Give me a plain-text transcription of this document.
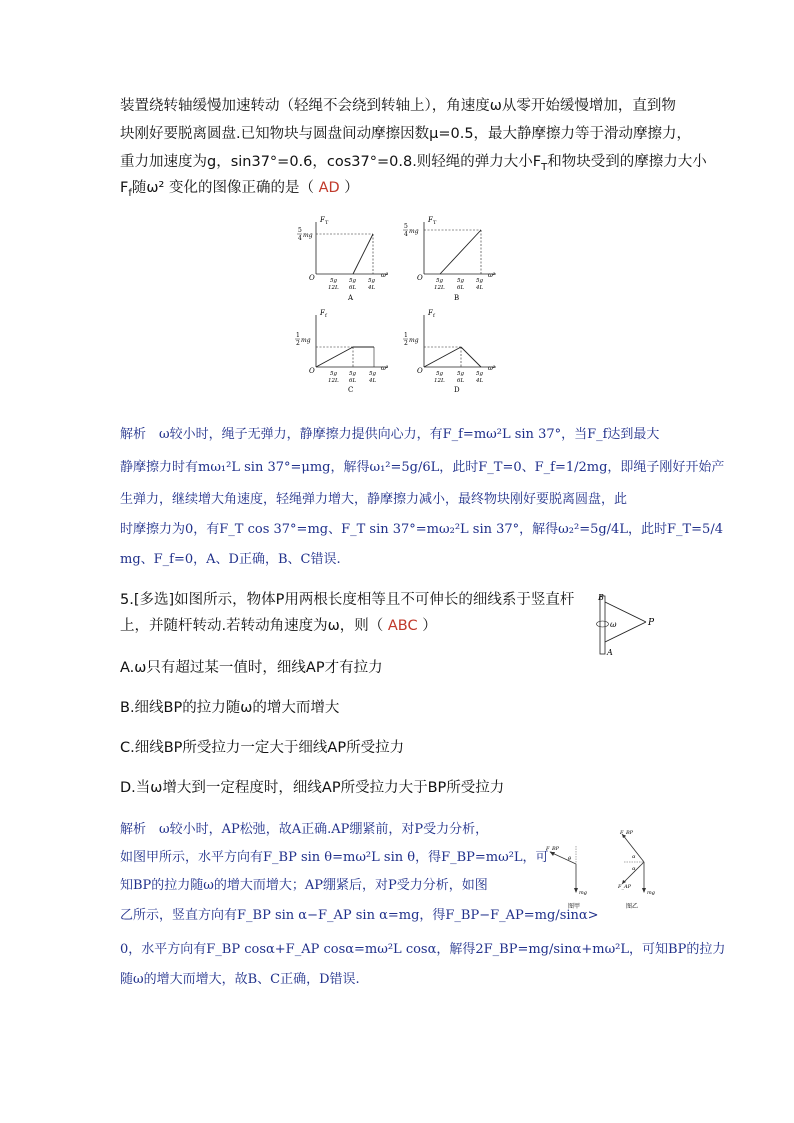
装置绕转轴缓慢加速转动（轻绳不会绕到转轴上），角速度ω从零开始缓慢增加，直到物
块刚好要脱离圆盘.已知物块与圆盘间动摩擦因数μ=0.5，最大静摩擦力等于滑动摩擦力，
重力加速度为g，sin37°=0.6，cos37°=0.8.则轻绳的弹力大小$F_T$和物块受到的摩擦力大小
$F_f$随ω² 变化的图像正确的是（ AD ）
F T
5
4 mg
O	5g
12L
5g
6L
5g
4L
ω²
A
F T
5
4 mg
O 5g
12L
5g
6L
5g
4L
ω²
B
F f
1
2 mg
O	5g
12L
5g
6L
5g
4L
ω²
C
F f
1
2 mg
O 5g
12L
5g
6L
5g
4L
ω²
D
解析　ω较小时，绳子无弹力，静摩擦力提供向心力，有F_f=mω²L sin 37°，当F_f达到最大
静摩擦力时有mω₁²L sin 37°=μmg，解得ω₁²=5g/6L，此时F_T=0、F_f=1/2mg，即绳子刚好开始产
生弹力，继续增大角速度，轻绳弹力增大，静摩擦力减小，最终物块刚好要脱离圆盘，此
时摩擦力为0，有F_T cos 37°=mg、F_T sin 37°=mω₂²L sin 37°，解得ω₂²=5g/4L，此时F_T=5/4
mg、F_f=0，A、D正确，B、C错误.
5.[多选]如图所示，物体P用两根长度相等且不可伸长的细线系于竖直杆
上，并随杆转动.若转动角速度为ω，则（ ABC ）
B
A
P
ω
A.ω只有超过某一值时，细线AP才有拉力
B.细线BP的拉力随ω的增大而增大
C.细线BP所受拉力一定大于细线AP所受拉力
D.当ω增大到一定程度时，细线AP所受拉力大于BP所受拉力
解析　ω较小时，AP松弛，故A正确.AP绷紧前，对P受力分析，
如图甲所示，水平方向有F_BP sin θ=mω²L sin θ，得F_BP=mω²L，可
知BP的拉力随ω的增大而增大；AP绷紧后，对P受力分析，如图
乙所示，竖直方向有F_BP sin α−F_AP sin α=mg，得F_BP−F_AP=mg/sinα>
0，水平方向有F_BP cosα+F_AP cosα=mω²L cosα，解得2F_BP=mg/sinα+mω²L，可知BP的拉力
随ω的增大而增大，故B、C正确，D错误.
θ
F_BP
mg
图甲
F_BP
F_AP
α
α
mg
图乙
